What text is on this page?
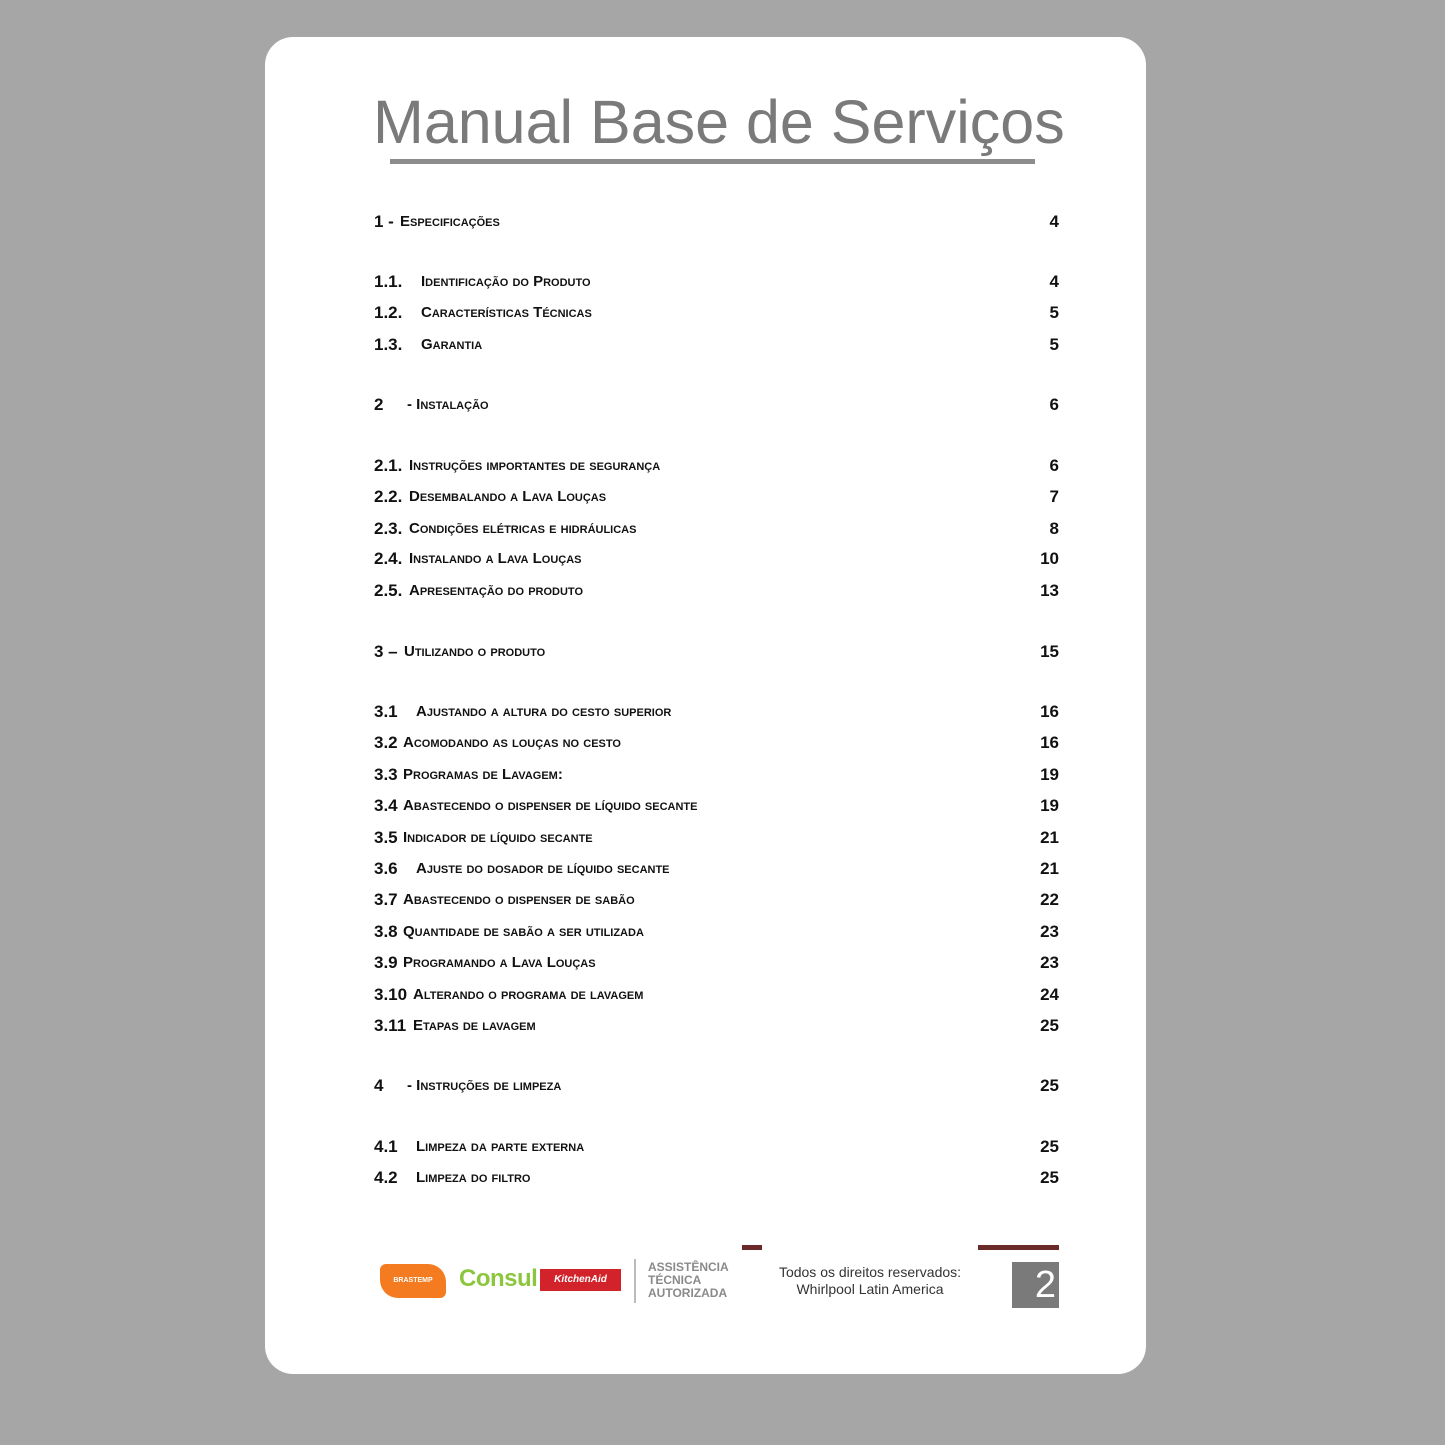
Manual Base de Serviços
1 - Especificações	4
1.1. Identificação do Produto	4
1.2. Características Técnicas	5
1.3. Garantia	5
2 - Instalação	6
2.1. Instruções importantes de segurança	6
2.2. Desembalando a Lava Louças	7
2.3. Condições elétricas e hidráulicas	8
2.4. Instalando a Lava Louças	10
2.5. Apresentação do produto	13
3 – Utilizando o produto	15
3.1 Ajustando a altura do cesto superior	16
3.2 Acomodando as louças no cesto	16
3.3 Programas de Lavagem:	19
3.4 Abastecendo o dispenser de líquido secante	19
3.5 Indicador de líquido secante	21
3.6 Ajuste do dosador de líquido secante	21
3.7 Abastecendo o dispenser de sabão	22
3.8 Quantidade de sabão a ser utilizada	23
3.9 Programando a Lava Louças	23
3.10 Alterando o programa de lavagem	24
3.11 Etapas de lavagem	25
4 - Instruções de limpeza	25
4.1 Limpeza da parte externa	25
4.2 Limpeza do filtro	25
BRASTEMP	Consul	KitchenAid
ASSISTÊNCIA
TÉCNICA
AUTORIZADA
Todos os direitos reservados:
Whirlpool Latin America	2
